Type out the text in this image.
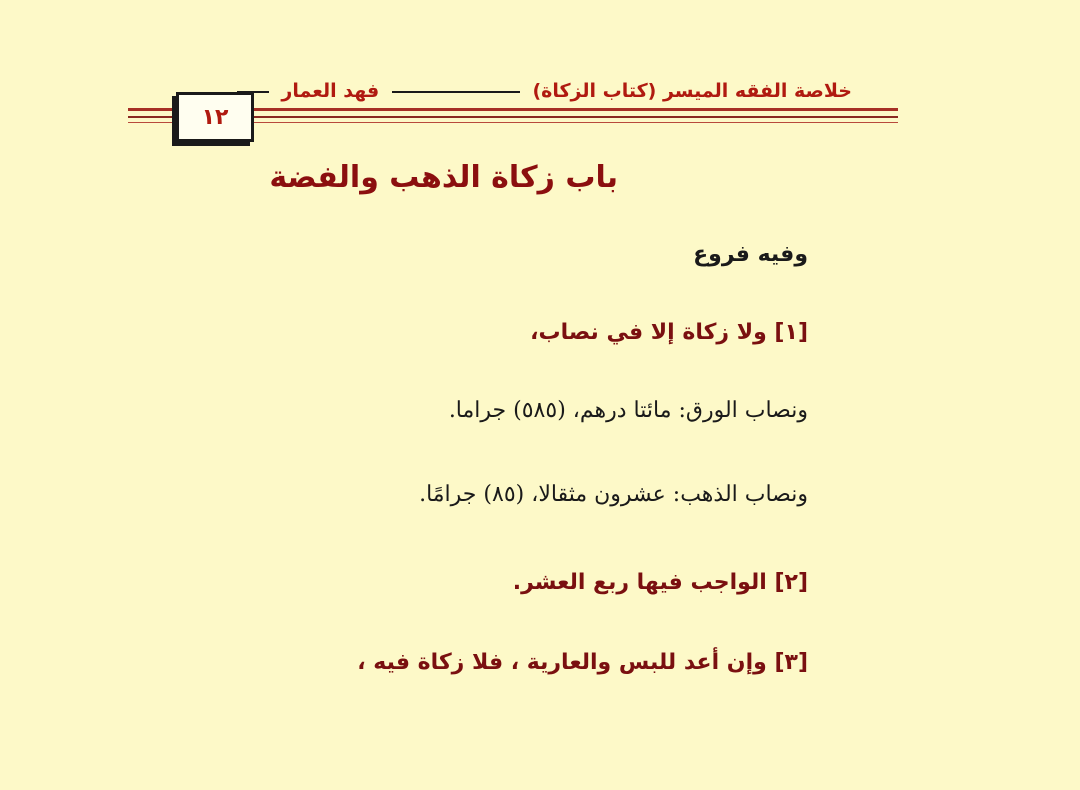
خلاصة الفقه الميسر (كتاب الزكاة)  فهد العمار
١٢
باب زكاة الذهب والفضة
وفيه فروع
[١] ولا زكاة إلا في نصاب،
ونصاب الورق: مائتا درهم، (٥٨٥) جراما.
ونصاب الذهب: عشرون مثقالا، (٨٥) جرامًا.
[٢] الواجب فيها ربع العشر.
[٣] وإن أعد للبس والعارية ، فلا زكاة فيه ،
